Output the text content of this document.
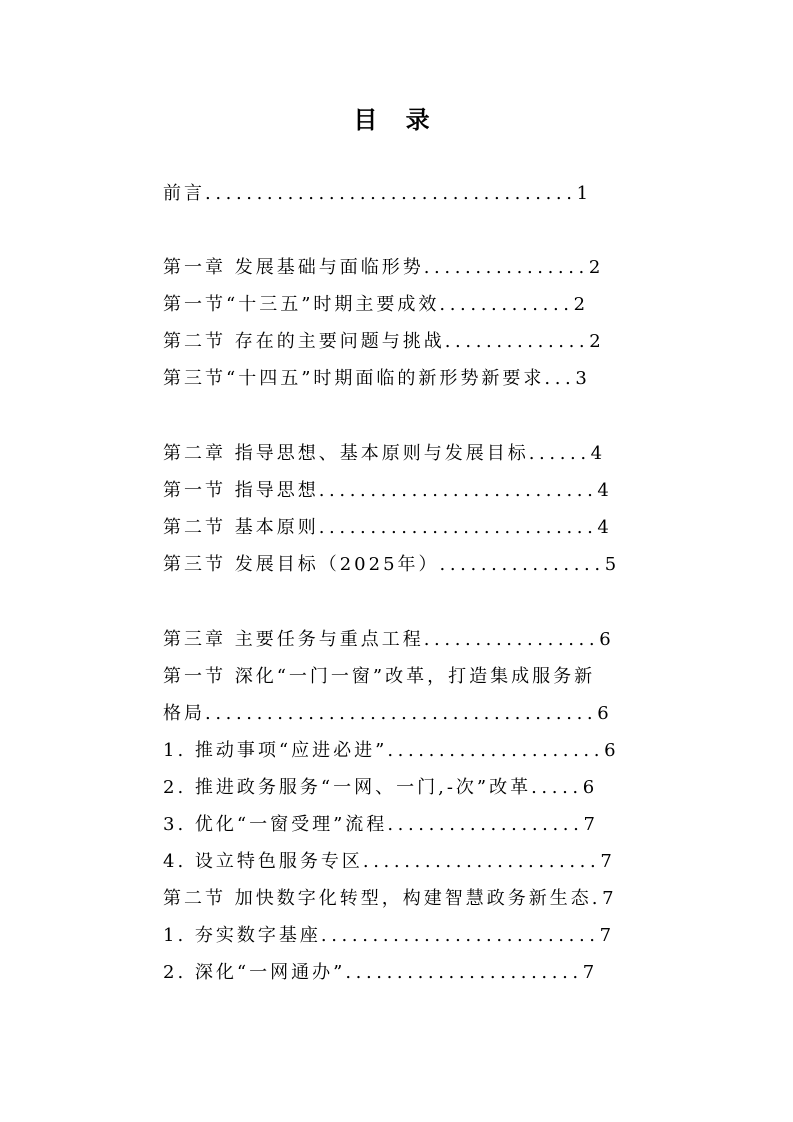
目 录
前言....................................1
第一章 发展基础与面临形势................2
第一节“十三五”时期主要成效.............2
第二节 存在的主要问题与挑战..............2
第三节“十四五”时期面临的新形势新要求...3
第二章 指导思想、基本原则与发展目标......4
第一节 指导思想...........................4
第二节 基本原则...........................4
第三节 发展目标（2025年）................5
第三章 主要任务与重点工程.................6
第一节 深化“一门一窗”改革，打造集成服务新
格局......................................6
1. 推动事项“应进必进”.....................6
2. 推进政务服务“一网、一门,-次”改革.....6
3. 优化“一窗受理”流程...................7
4. 设立特色服务专区.......................7
第二节 加快数字化转型，构建智慧政务新生态.7
1. 夯实数字基座...........................7
2. 深化“一网通办”.......................7
